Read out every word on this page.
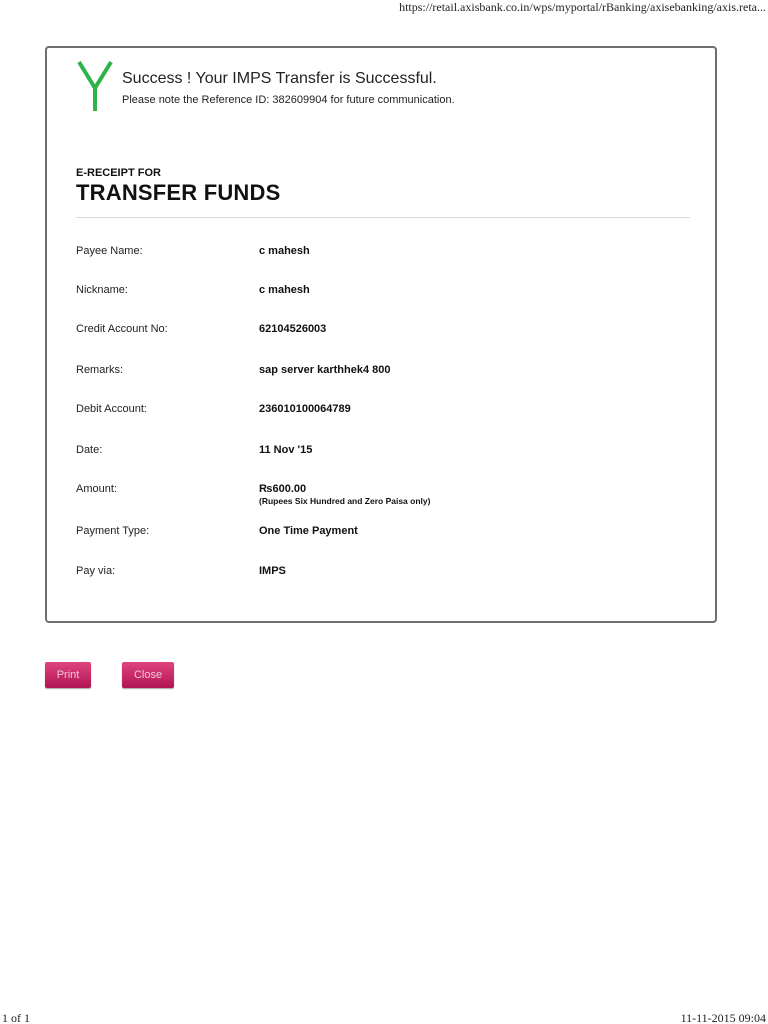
https://retail.axisbank.co.in/wps/myportal/rBanking/axisebanking/axis.reta...
Success ! Your IMPS Transfer is Successful.
Please note the Reference ID: 382609904 for future communication.
E-RECEIPT FOR
TRANSFER FUNDS
Payee Name:	c mahesh
Nickname:	c mahesh
Credit Account No:	62104526003
Remarks:	sap server karthhek4 800
Debit Account:	236010100064789
Date:	11 Nov '15
Amount:	₨600.00
(Rupees Six Hundred and Zero Paisa only)
Payment Type:	One Time Payment
Pay via:	IMPS
Print	Close
1 of 1	11-11-2015 09:04
